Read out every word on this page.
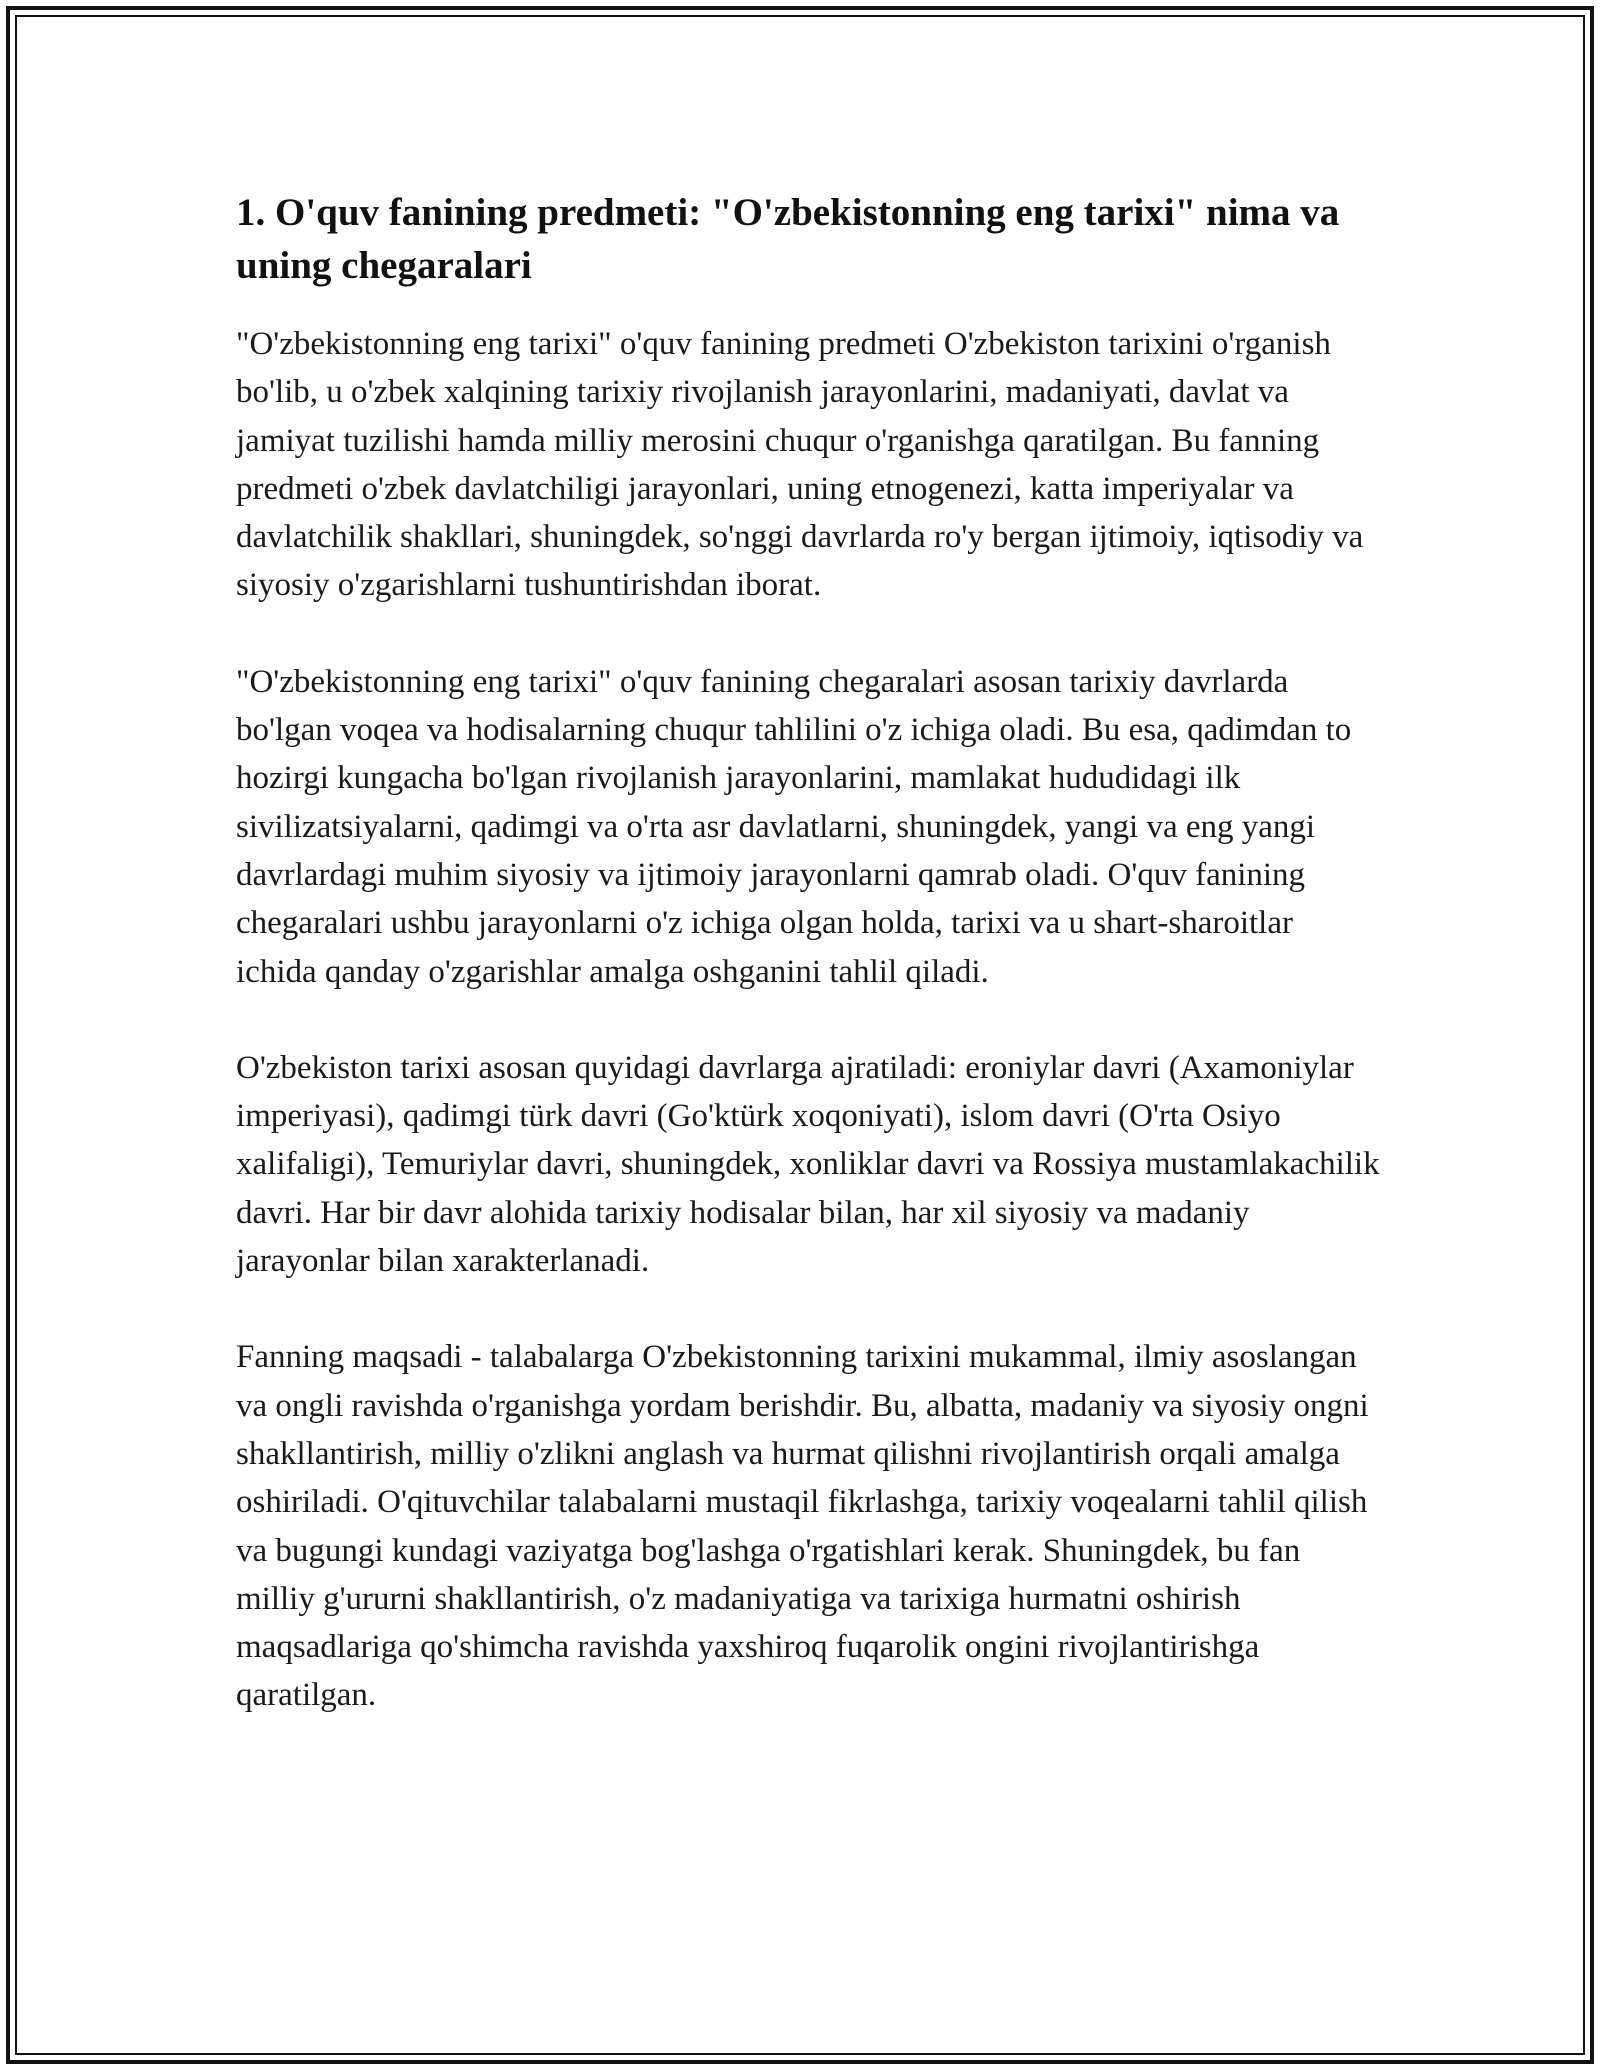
1. O'quv fanining predmeti: "O'zbekistonning eng tarixi" nima va uning chegaralari

"O'zbekistonning eng tarixi" o'quv fanining predmeti O'zbekiston tarixini o'rganish bo'lib, u o'zbek xalqining tarixiy rivojlanish jarayonlarini, madaniyati, davlat va jamiyat tuzilishi hamda milliy merosini chuqur o'rganishga qaratilgan. Bu fanning predmeti o'zbek davlatchiligi jarayonlari, uning etnogenezi, katta imperiyalar va davlatchilik shakllari, shuningdek, so'nggi davrlarda ro'y bergan ijtimoiy, iqtisodiy va siyosiy o'zgarishlarni tushuntirishdan iborat.

"O'zbekistonning eng tarixi" o'quv fanining chegaralari asosan tarixiy davrlarda bo'lgan voqea va hodisalarning chuqur tahlilini o'z ichiga oladi. Bu esa, qadimdan to hozirgi kungacha bo'lgan rivojlanish jarayonlarini, mamlakat hududidagi ilk sivilizatsiyalarni, qadimgi va o'rta asr davlatlarni, shuningdek, yangi va eng yangi davrlardagi muhim siyosiy va ijtimoiy jarayonlarni qamrab oladi. O'quv fanining chegaralari ushbu jarayonlarni o'z ichiga olgan holda, tarixi va u shart-sharoitlar ichida qanday o'zgarishlar amalga oshganini tahlil qiladi.

O'zbekiston tarixi asosan quyidagi davrlarga ajratiladi: eroniylar davri (Axamoniylar imperiyasi), qadimgi türk davri (Go'ktürk xoqoniyati), islom davri (O'rta Osiyo xalifaligi), Temuriylar davri, shuningdek, xonliklar davri va Rossiya mustamlakachilik davri. Har bir davr alohida tarixiy hodisalar bilan, har xil siyosiy va madaniy jarayonlar bilan xarakterlanadi.

Fanning maqsadi - talabalarga O'zbekistonning tarixini mukammal, ilmiy asoslangan va ongli ravishda o'rganishga yordam berishdir. Bu, albatta, madaniy va siyosiy ongni shakllantirish, milliy o'zlikni anglash va hurmat qilishni rivojlantirish orqali amalga oshiriladi. O'qituvchilar talabalarni mustaqil fikrlashga, tarixiy voqealarni tahlil qilish va bugungi kundagi vaziyatga bog'lashga o'rgatishlari kerak. Shuningdek, bu fan milliy g'ururni shakllantirish, o'z madaniyatiga va tarixiga hurmatni oshirish maqsadlariga qo'shimcha ravishda yaxshiroq fuqarolik ongini rivojlantirishga qaratilgan.
